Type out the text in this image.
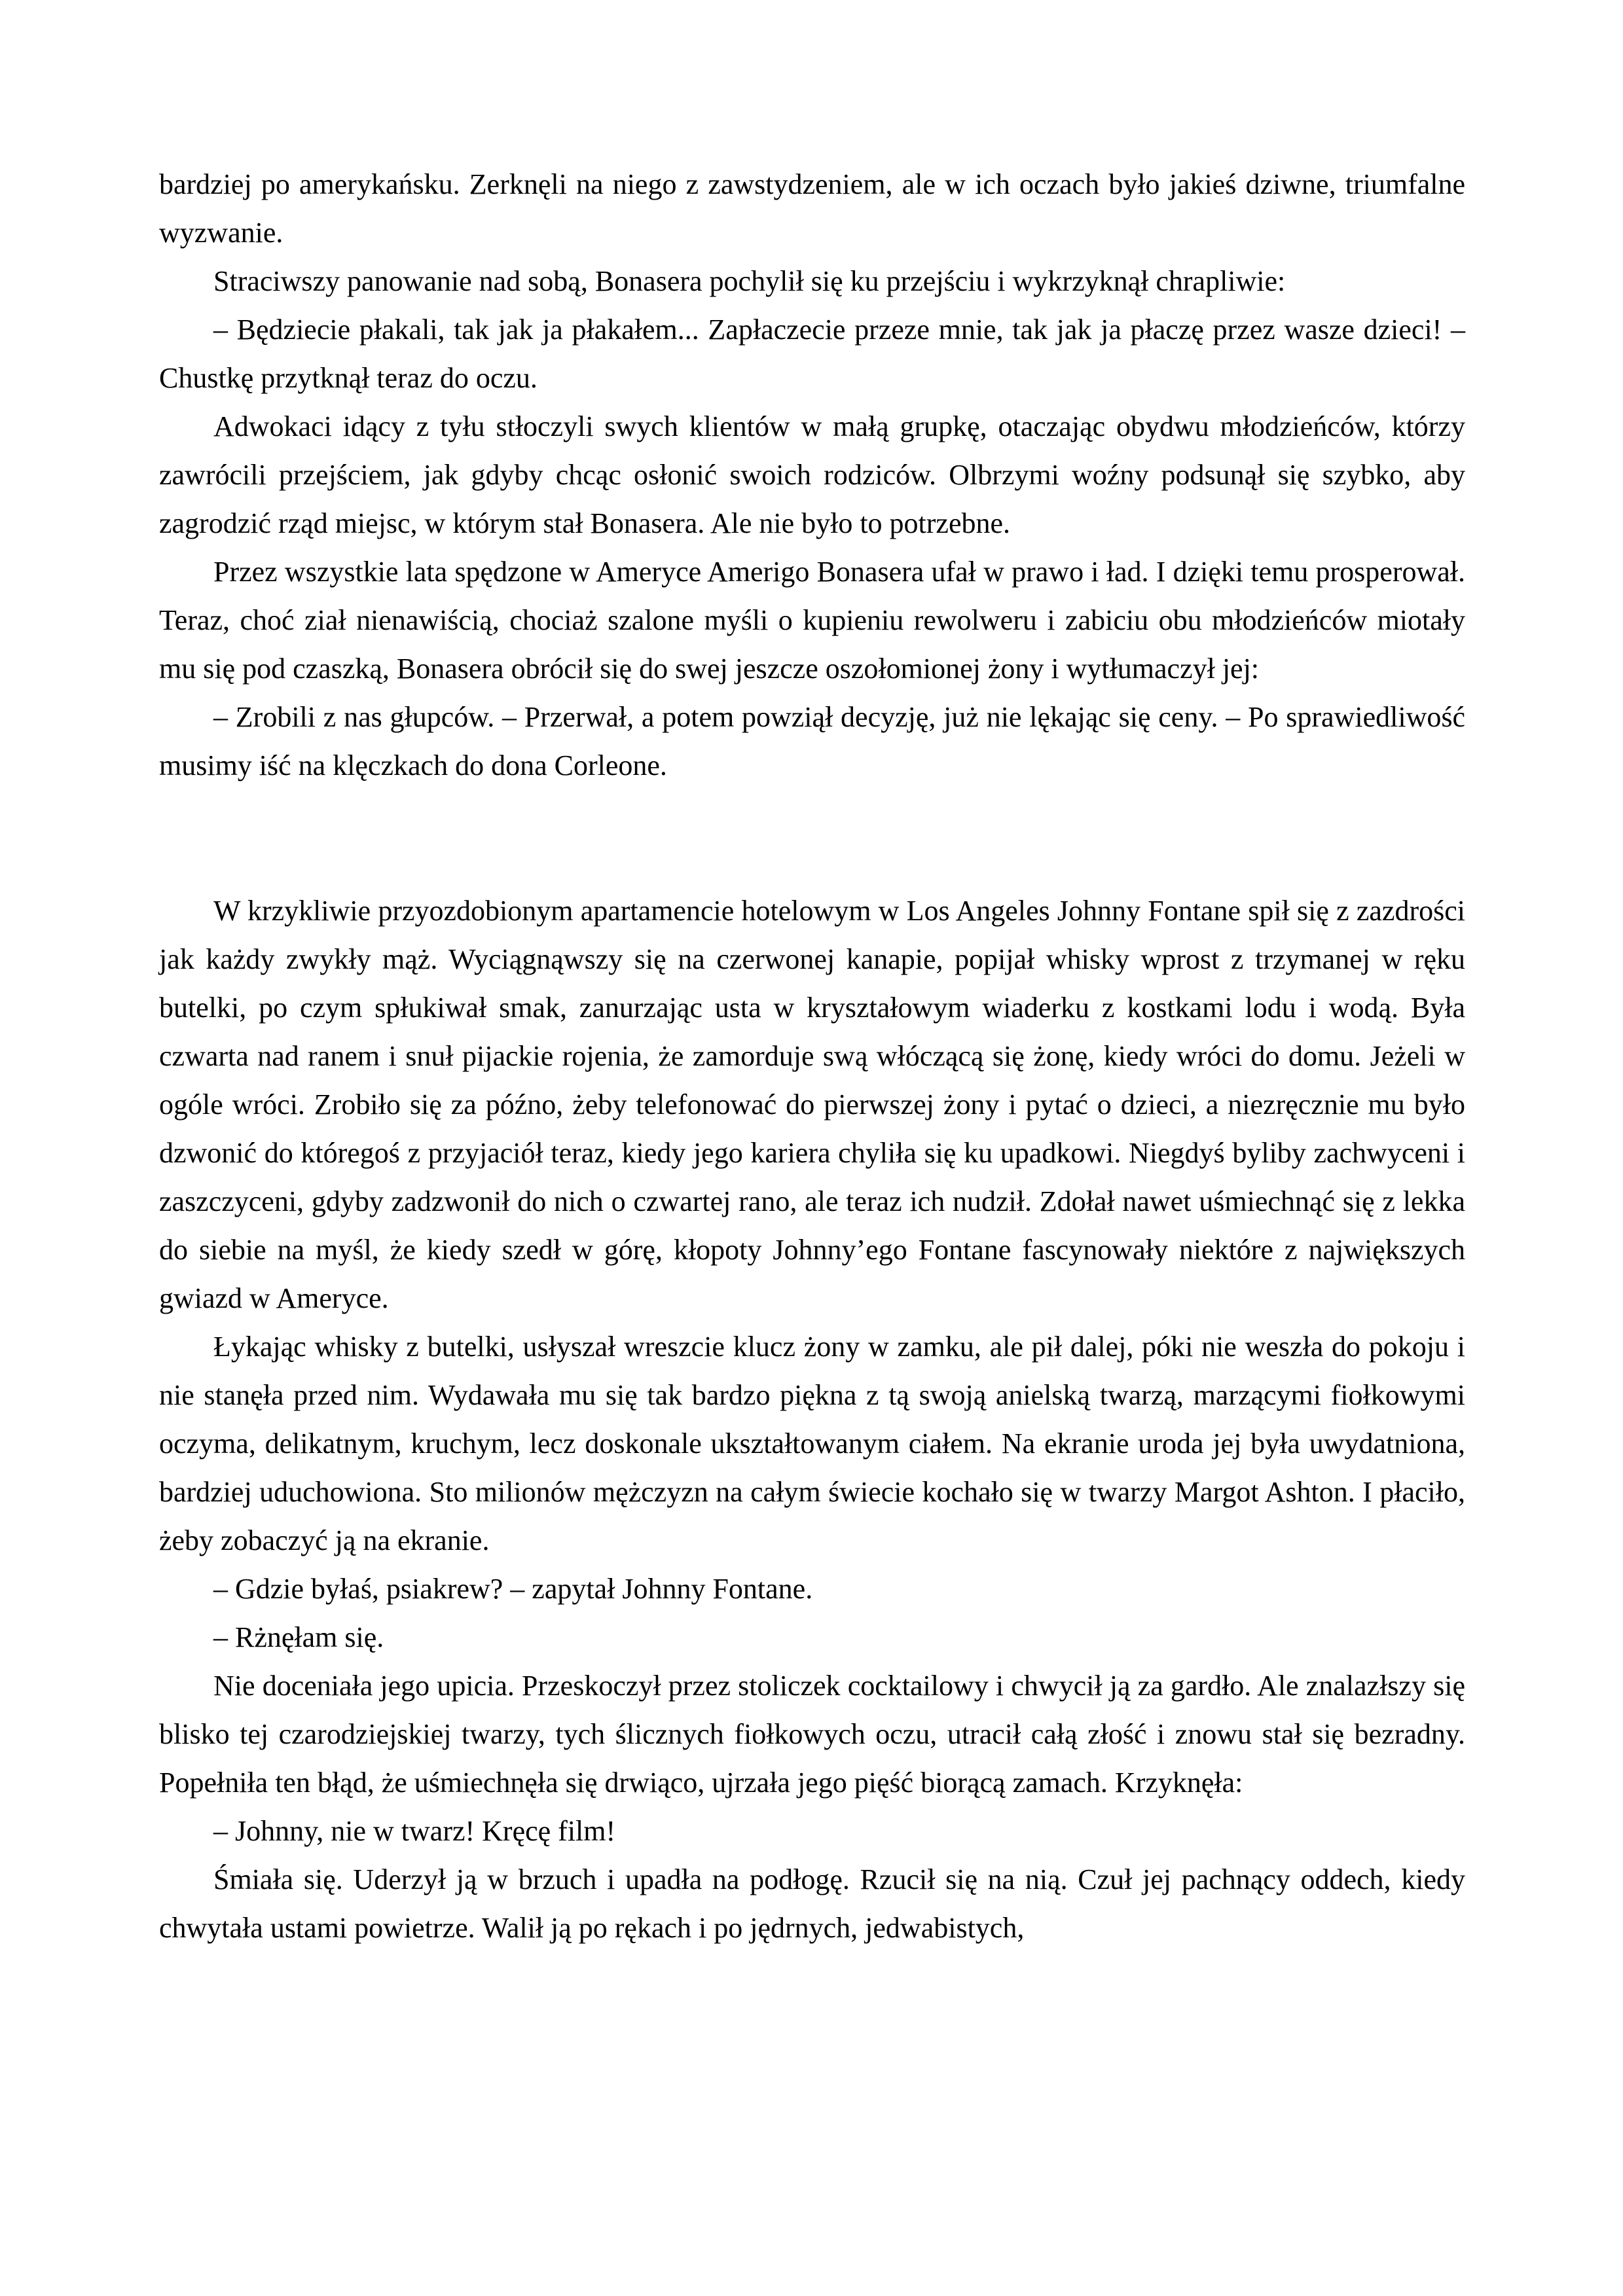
bardziej po amerykańsku. Zerknęli na niego z zawstydzeniem, ale w ich oczach było jakieś dziwne, triumfalne wyzwanie.

Straciwszy panowanie nad sobą, Bonasera pochylił się ku przejściu i wykrzyknął chrapliwie:

– Będziecie płakali, tak jak ja płakałem... Zapłaczecie przeze mnie, tak jak ja płaczę przez wasze dzieci! – Chustkę przytknął teraz do oczu.

Adwokaci idący z tyłu stłoczyli swych klientów w małą grupkę, otaczając obydwu młodzieńców, którzy zawrócili przejściem, jak gdyby chcąc osłonić swoich rodziców. Olbrzymi woźny podsunął się szybko, aby zagrodzić rząd miejsc, w którym stał Bonasera. Ale nie było to potrzebne.

Przez wszystkie lata spędzone w Ameryce Amerigo Bonasera ufał w prawo i ład. I dzięki temu prosperował. Teraz, choć ział nienawiścią, chociaż szalone myśli o kupieniu rewolweru i zabiciu obu młodzieńców miotały mu się pod czaszką, Bonasera obrócił się do swej jeszcze oszołomionej żony i wytłumaczył jej:

– Zrobili z nas głupców. – Przerwał, a potem powziął decyzję, już nie lękając się ceny. – Po sprawiedliwość musimy iść na klęczkach do dona Corleone.

W krzykliwie przyozdobionym apartamencie hotelowym w Los Angeles Johnny Fontane spił się z zazdrości jak każdy zwykły mąż. Wyciągnąwszy się na czerwonej kanapie, popijał whisky wprost z trzymanej w ręku butelki, po czym spłukiwał smak, zanurzając usta w kryształowym wiaderku z kostkami lodu i wodą. Była czwarta nad ranem i snuł pijackie rojenia, że zamorduje swą włóczącą się żonę, kiedy wróci do domu. Jeżeli w ogóle wróci. Zrobiło się za późno, żeby telefonować do pierwszej żony i pytać o dzieci, a niezręcznie mu było dzwonić do któregoś z przyjaciół teraz, kiedy jego kariera chyliła się ku upadkowi. Niegdyś byliby zachwyceni i zaszczyceni, gdyby zadzwonił do nich o czwartej rano, ale teraz ich nudził. Zdołał nawet uśmiechnąć się z lekka do siebie na myśl, że kiedy szedł w górę, kłopoty Johnny’ego Fontane fascynowały niektóre z największych gwiazd w Ameryce.

Łykając whisky z butelki, usłyszał wreszcie klucz żony w zamku, ale pił dalej, póki nie weszła do pokoju i nie stanęła przed nim. Wydawała mu się tak bardzo piękna z tą swoją anielską twarzą, marzącymi fiołkowymi oczyma, delikatnym, kruchym, lecz doskonale ukształtowanym ciałem. Na ekranie uroda jej była uwydatniona, bardziej uduchowiona. Sto milionów mężczyzn na całym świecie kochało się w twarzy Margot Ashton. I płaciło, żeby zobaczyć ją na ekranie.

– Gdzie byłaś, psiakrew? – zapytał Johnny Fontane.

– Rżnęłam się.

Nie doceniała jego upicia. Przeskoczył przez stoliczek cocktailowy i chwycił ją za gardło. Ale znalazłszy się blisko tej czarodziejskiej twarzy, tych ślicznych fiołkowych oczu, utracił całą złość i znowu stał się bezradny. Popełniła ten błąd, że uśmiechnęła się drwiąco, ujrzała jego pięść biorącą zamach. Krzyknęła:

– Johnny, nie w twarz! Kręcę film!

Śmiała się. Uderzył ją w brzuch i upadła na podłogę. Rzucił się na nią. Czuł jej pachnący oddech, kiedy chwytała ustami powietrze. Walił ją po rękach i po jędrnych, jedwabistych,
